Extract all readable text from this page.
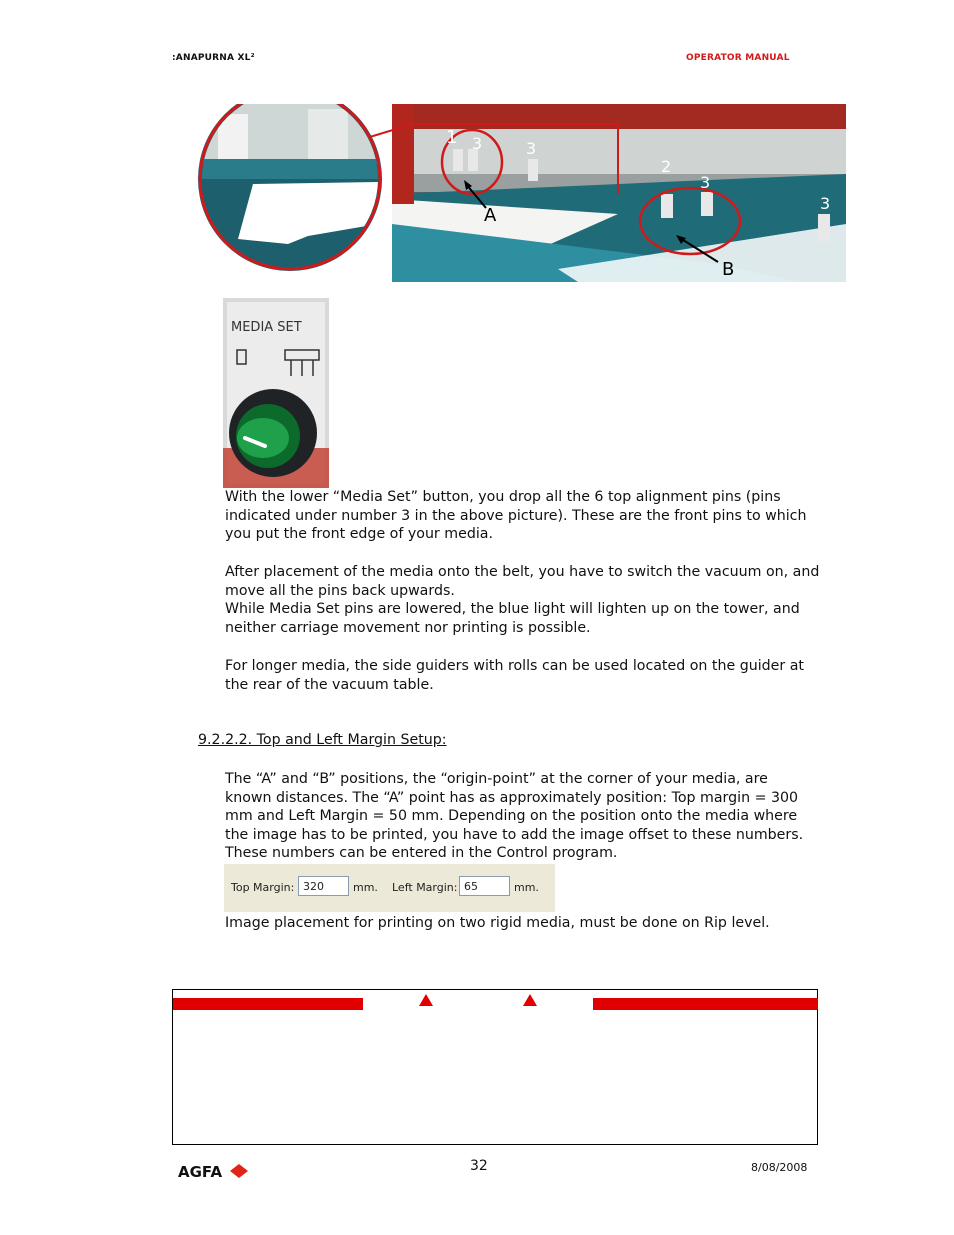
:ANAPURNA XL²	OPERATOR MANUAL
1 3	3
2
3
3
A
B
MEDIA SET

With the lower “Media Set” button, you drop all the 6 top alignment pins (pins indicated under number 3 in the above picture). These are the front pins to which you put the front edge of your media.

After placement of the media onto the belt, you have to switch the vacuum on, and move all the pins back upwards.

While Media Set pins are lowered, the blue light will lighten up on the tower, and neither carriage movement nor printing is possible.

For longer media, the side guiders with rolls can be used located on the guider at the rear of the vacuum table.

9.2.2.2. Top and Left Margin Setup:

The “A” and “B” positions, the “origin-point” at the corner of your media, are known distances. The “A” point has as approximately position: Top margin = 300 mm and Left Margin = 50 mm. Depending on the position onto the media where the image has to be printed, you have to add the image offset to these numbers. These numbers can be entered in the Control program.

Top Margin: 320	mm. Left Margin: 65	mm.

Image placement for printing on two rigid media, must be done on Rip level.

AGFA	32	8/08/2008
